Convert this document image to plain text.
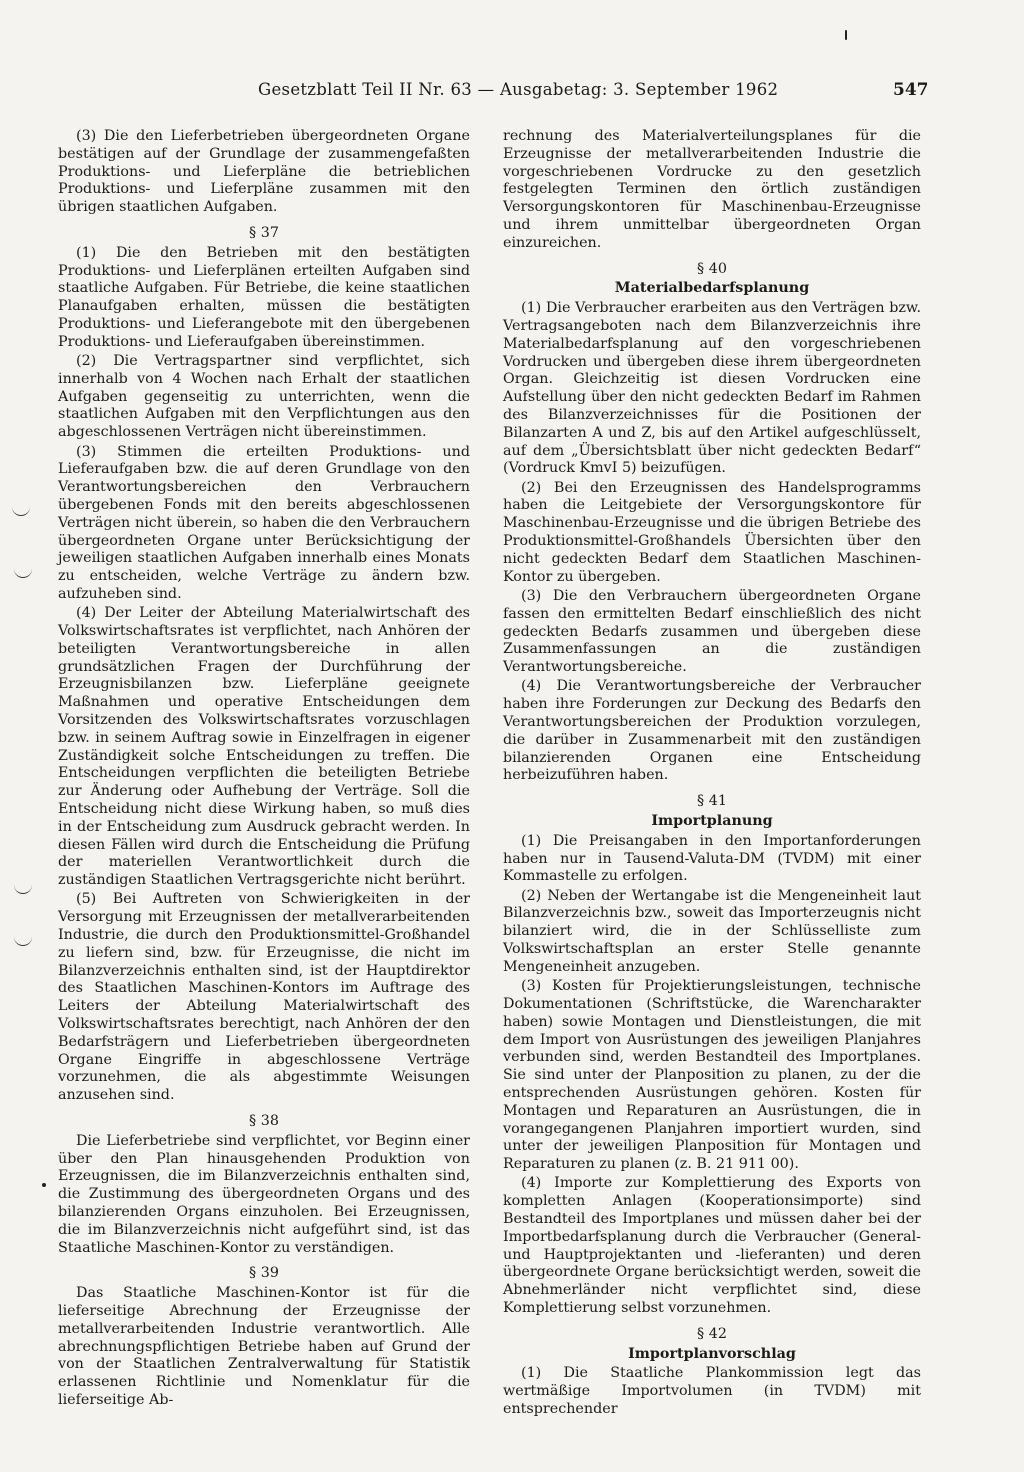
Gesetzblatt Teil II Nr. 63 — Ausgabetag: 3. September 1962	547

(3) Die den Lieferbetrieben übergeordneten Organe bestätigen auf der Grundlage der zusammengefaßten Produktions- und Lieferpläne die betrieblichen Produktions- und Lieferpläne zusammen mit den übrigen staatlichen Aufgaben.

§ 37

(1) Die den Betrieben mit den bestätigten Produktions- und Lieferplänen erteilten Aufgaben sind staatliche Aufgaben. Für Betriebe, die keine staatlichen Planaufgaben erhalten, müssen die bestätigten Produktions- und Lieferangebote mit den übergebenen Produktions- und Lieferaufgaben übereinstimmen.

(2) Die Vertragspartner sind verpflichtet, sich innerhalb von 4 Wochen nach Erhalt der staatlichen Aufgaben gegenseitig zu unterrichten, wenn die staatlichen Aufgaben mit den Verpflichtungen aus den abgeschlossenen Verträgen nicht übereinstimmen.

(3) Stimmen die erteilten Produktions- und Lieferaufgaben bzw. die auf deren Grundlage von den Verantwortungsbereichen den Verbrauchern übergebenen Fonds mit den bereits abgeschlossenen Verträgen nicht überein, so haben die den Verbrauchern übergeordneten Organe unter Berücksichtigung der jeweiligen staatlichen Aufgaben innerhalb eines Monats zu entscheiden, welche Verträge zu ändern bzw. aufzuheben sind.

(4) Der Leiter der Abteilung Materialwirtschaft des Volkswirtschaftsrates ist verpflichtet, nach Anhören der beteiligten Verantwortungsbereiche in allen grundsätzlichen Fragen der Durchführung der Erzeugnisbilanzen bzw. Lieferpläne geeignete Maßnahmen und operative Entscheidungen dem Vorsitzenden des Volkswirtschaftsrates vorzuschlagen bzw. in seinem Auftrag sowie in Einzelfragen in eigener Zuständigkeit solche Entscheidungen zu treffen. Die Entscheidungen verpflichten die beteiligten Betriebe zur Änderung oder Aufhebung der Verträge. Soll die Entscheidung nicht diese Wirkung haben, so muß dies in der Entscheidung zum Ausdruck gebracht werden. In diesen Fällen wird durch die Entscheidung die Prüfung der materiellen Verantwortlichkeit durch die zuständigen Staatlichen Vertragsgerichte nicht berührt.

(5) Bei Auftreten von Schwierigkeiten in der Versorgung mit Erzeugnissen der metallverarbeitenden Industrie, die durch den Produktionsmittel-Großhandel zu liefern sind, bzw. für Erzeugnisse, die nicht im Bilanzverzeichnis enthalten sind, ist der Hauptdirektor des Staatlichen Maschinen-Kontors im Auftrage des Leiters der Abteilung Materialwirtschaft des Volkswirtschaftsrates berechtigt, nach Anhören der den Bedarfsträgern und Lieferbetrieben übergeordneten Organe Eingriffe in abgeschlossene Verträge vorzunehmen, die als abgestimmte Weisungen anzusehen sind.

§ 38

Die Lieferbetriebe sind verpflichtet, vor Beginn einer über den Plan hinausgehenden Produktion von Erzeugnissen, die im Bilanzverzeichnis enthalten sind, die Zustimmung des übergeordneten Organs und des bilanzierenden Organs einzuholen. Bei Erzeugnissen, die im Bilanzverzeichnis nicht aufgeführt sind, ist das Staatliche Maschinen-Kontor zu verständigen.

§ 39

Das Staatliche Maschinen-Kontor ist für die lieferseitige Abrechnung der Erzeugnisse der metallverarbeitenden Industrie verantwortlich. Alle abrechnungspflichtigen Betriebe haben auf Grund der von der Staatlichen Zentralverwaltung für Statistik erlassenen Richtlinie und Nomenklatur für die lieferseitige Ab-

rechnung des Materialverteilungsplanes für die Erzeugnisse der metallverarbeitenden Industrie die vorgeschriebenen Vordrucke zu den gesetzlich festgelegten Terminen den örtlich zuständigen Versorgungskontoren für Maschinenbau-Erzeugnisse und ihrem unmittelbar übergeordneten Organ einzureichen.

§ 40
Materialbedarfsplanung

(1) Die Verbraucher erarbeiten aus den Verträgen bzw. Vertragsangeboten nach dem Bilanzverzeichnis ihre Materialbedarfsplanung auf den vorgeschriebenen Vordrucken und übergeben diese ihrem übergeordneten Organ. Gleichzeitig ist diesen Vordrucken eine Aufstellung über den nicht gedeckten Bedarf im Rahmen des Bilanzverzeichnisses für die Positionen der Bilanzarten A und Z, bis auf den Artikel aufgeschlüsselt, auf dem „Übersichtsblatt über nicht gedeckten Bedarf“ (Vordruck KmvI 5) beizufügen.

(2) Bei den Erzeugnissen des Handelsprogramms haben die Leitgebiete der Versorgungskontore für Maschinenbau-Erzeugnisse und die übrigen Betriebe des Produktionsmittel-Großhandels Übersichten über den nicht gedeckten Bedarf dem Staatlichen Maschinen-Kontor zu übergeben.

(3) Die den Verbrauchern übergeordneten Organe fassen den ermittelten Bedarf einschließlich des nicht gedeckten Bedarfs zusammen und übergeben diese Zusammenfassungen an die zuständigen Verantwortungsbereiche.

(4) Die Verantwortungsbereiche der Verbraucher haben ihre Forderungen zur Deckung des Bedarfs den Verantwortungsbereichen der Produktion vorzulegen, die darüber in Zusammenarbeit mit den zuständigen bilanzierenden Organen eine Entscheidung herbeizuführen haben.

§ 41
Importplanung

(1) Die Preisangaben in den Importanforderungen haben nur in Tausend-Valuta-DM (TVDM) mit einer Kommastelle zu erfolgen.

(2) Neben der Wertangabe ist die Mengeneinheit laut Bilanzverzeichnis bzw., soweit das Importerzeugnis nicht bilanziert wird, die in der Schlüsselliste zum Volkswirtschaftsplan an erster Stelle genannte Mengeneinheit anzugeben.

(3) Kosten für Projektierungsleistungen, technische Dokumentationen (Schriftstücke, die Warencharakter haben) sowie Montagen und Dienstleistungen, die mit dem Import von Ausrüstungen des jeweiligen Planjahres verbunden sind, werden Bestandteil des Importplanes. Sie sind unter der Planposition zu planen, zu der die entsprechenden Ausrüstungen gehören. Kosten für Montagen und Reparaturen an Ausrüstungen, die in vorangegangenen Planjahren importiert wurden, sind unter der jeweiligen Planposition für Montagen und Reparaturen zu planen (z. B. 21 911 00).

(4) Importe zur Komplettierung des Exports von kompletten Anlagen (Kooperationsimporte) sind Bestandteil des Importplanes und müssen daher bei der Importbedarfsplanung durch die Verbraucher (General- und Hauptprojektanten und -lieferanten) und deren übergeordnete Organe berücksichtigt werden, soweit die Abnehmerländer nicht verpflichtet sind, diese Komplettierung selbst vorzunehmen.

§ 42
Importplanvorschlag

(1) Die Staatliche Plankommission legt das wertmäßige Importvolumen (in TVDM) mit entsprechender
